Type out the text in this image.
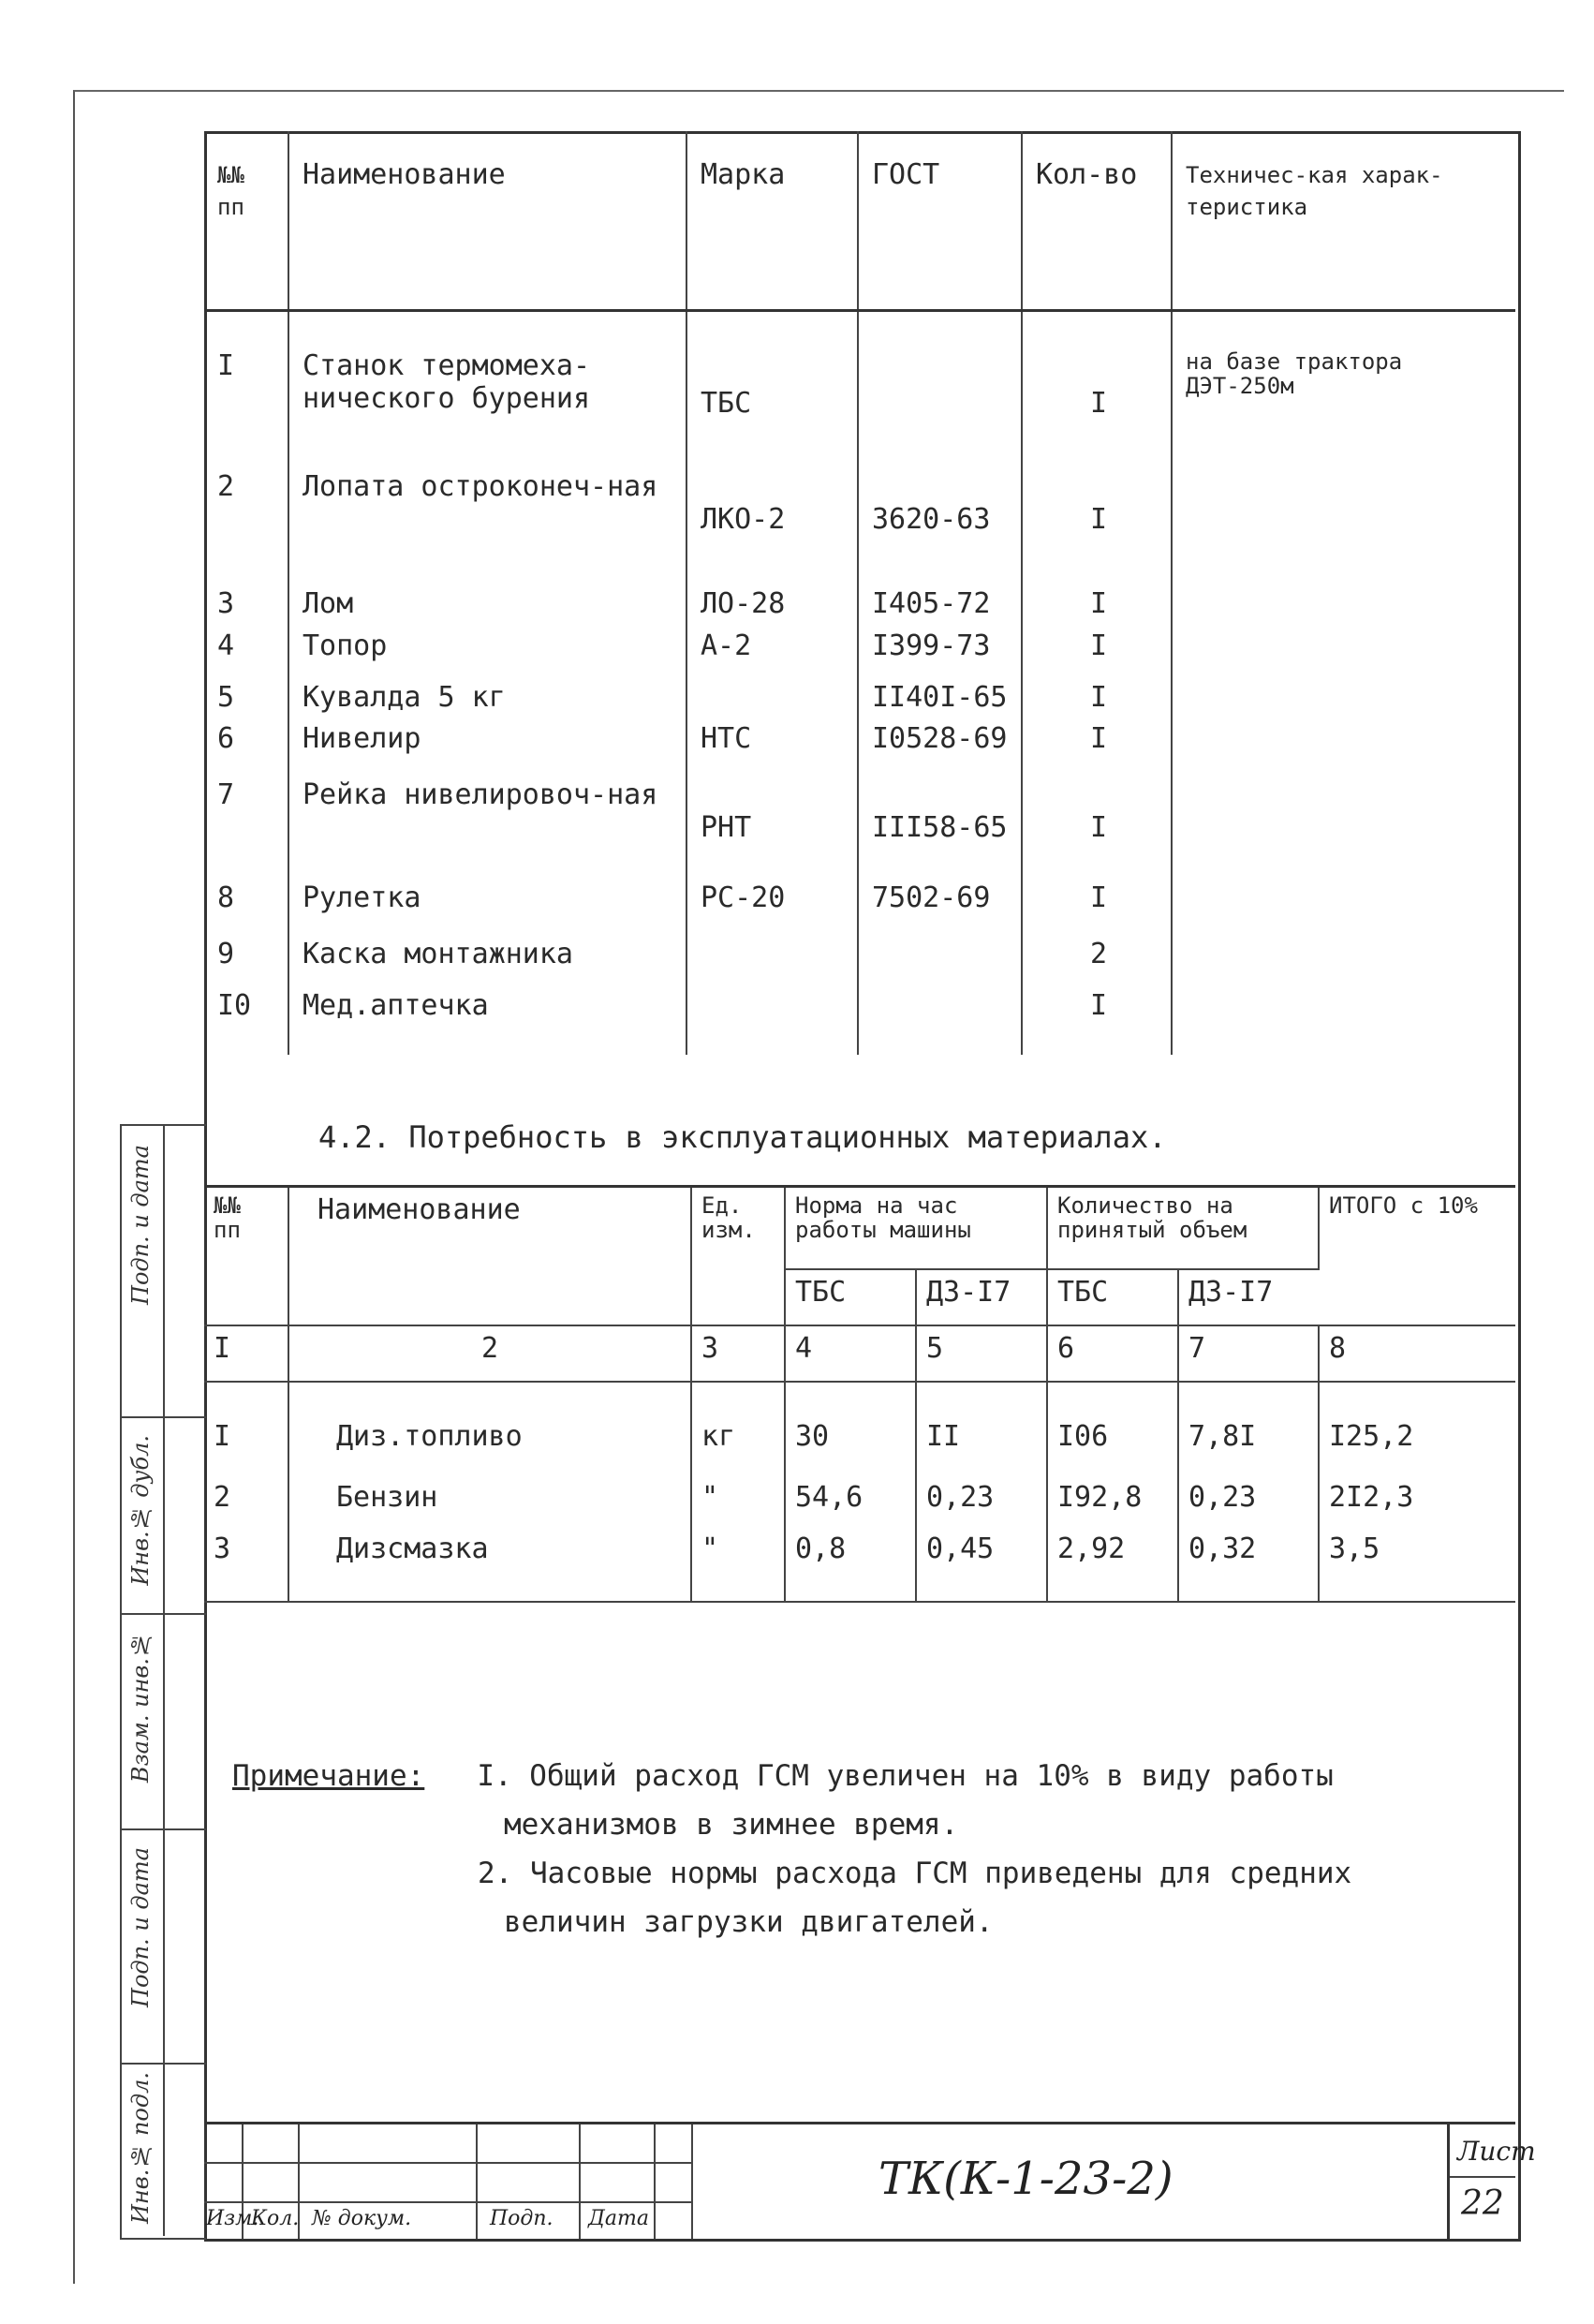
Подп. и дата
Инв.№ дубл.
Взам. инв.№
Подп. и дата
Инв.№ подл.
№№ пп	Наименование	Марка	ГОСТ	Кол-во	Техничес-кая харак-теристика
I	Станок термомеха-нического бурения	ТБС		I	на базе трактора ДЭТ-250м
2	Лопата остроконеч-ная	ЛКО-2	3620-63	I	
3	Лом	ЛО-28	I405-72	I	
4	Топор	А-2	I399-73	I	
5	Кувалда 5 кг		II40I-65	I	
6	Нивелир	НТС	I0528-69	I	
7	Рейка нивелировоч-ная	РНТ	III58-65	I	
8	Рулетка	РС-20	7502-69	I	
9	Каска монтажника			2	
I0	Мед.аптечка			I	
4.2. Потребность в эксплуатационных материалах.
№№ пп	Наименование	Ед. изм.	Норма на час работы машины		Количество на принятый объем		ИТОГО с 10%
			ТБС	ДЗ-I7	ТБС	ДЗ-I7	
I	2	3	4	5	6	7	8
I	Диз.топливо	кг	30	II	I06	7,8I	I25,2
2	Бензин	"	54,6	0,23	I92,8	0,23	2I2,3
3	Дизсмазка	"	0,8	0,45	2,92	0,32	3,5
Примечание: I. Общий расход ГСМ увеличен на 10% в виду работы
механизмов в зимнее время.
2. Часовые нормы расхода ГСМ приведены для средних
величин загрузки двигателей.
Изм.
Кол. № докум.	Подп. Дата
ТК(К-1-23-2)
Лист
22
